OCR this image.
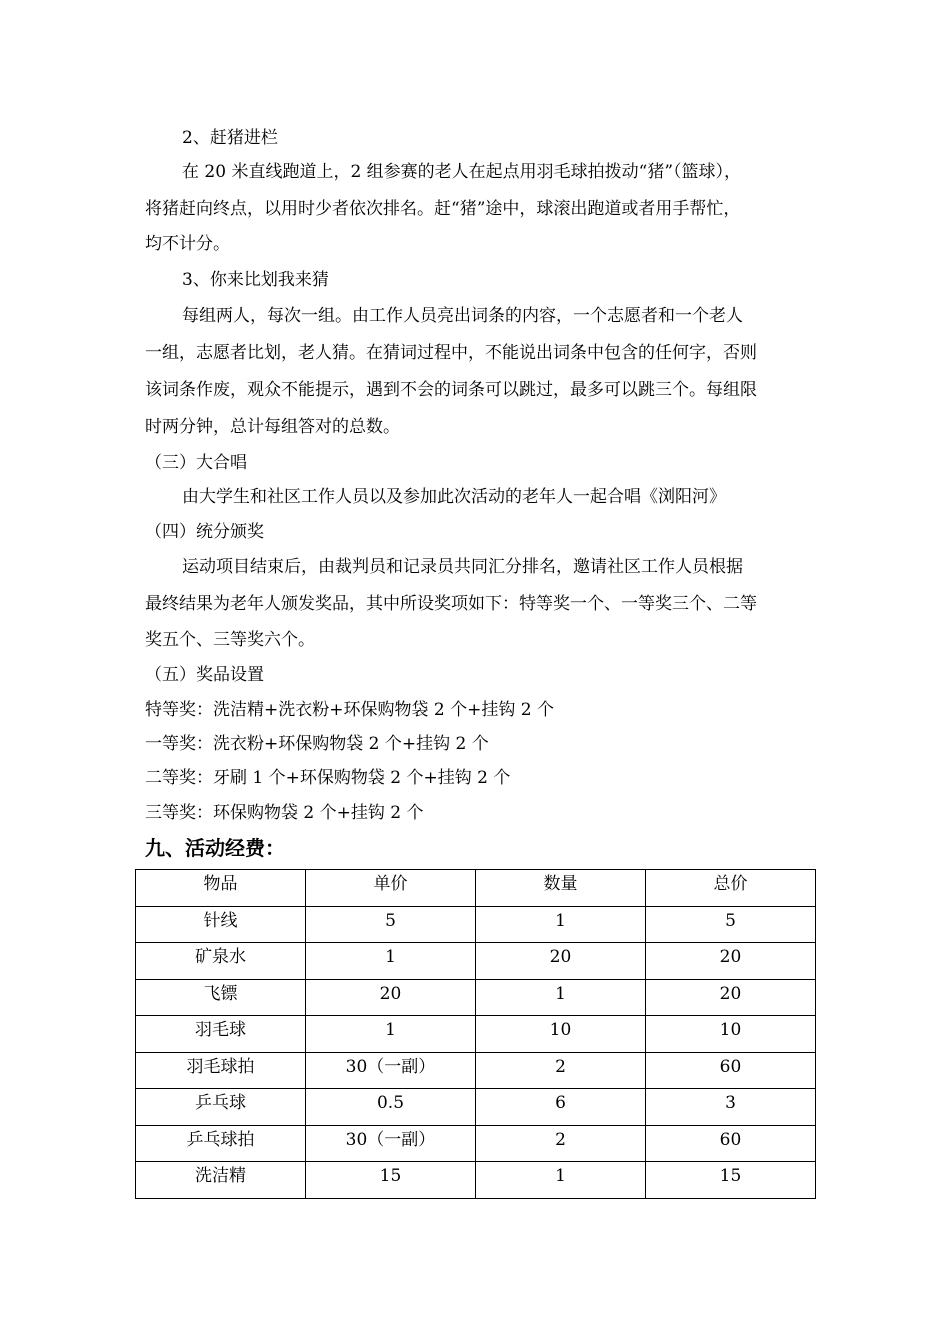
2、赶猪进栏
在 20 米直线跑道上，2 组参赛的老人在起点用羽毛球拍拨动“猪”（篮球），
将猪赶向终点，以用时少者依次排名。赶“猪”途中，球滚出跑道或者用手帮忙，
均不计分。
3、你来比划我来猜
每组两人，每次一组。由工作人员亮出词条的内容，一个志愿者和一个老人
一组，志愿者比划，老人猜。在猜词过程中，不能说出词条中包含的任何字，否则
该词条作废，观众不能提示，遇到不会的词条可以跳过，最多可以跳三个。每组限
时两分钟，总计每组答对的总数。
（三）大合唱
由大学生和社区工作人员以及参加此次活动的老年人一起合唱《浏阳河》
（四）统分颁奖
运动项目结束后，由裁判员和记录员共同汇分排名，邀请社区工作人员根据
最终结果为老年人颁发奖品，其中所设奖项如下：特等奖一个、一等奖三个、二等
奖五个、三等奖六个。
（五）奖品设置
特等奖：洗洁精+洗衣粉+环保购物袋 2 个+挂钩 2 个
一等奖：洗衣粉+环保购物袋 2 个+挂钩 2 个
二等奖：牙刷 1 个+环保购物袋 2 个+挂钩 2 个
三等奖：环保购物袋 2 个+挂钩 2 个
九、活动经费：
物品	单价	数量	总价
针线	5	1	5
矿泉水	1	20	20
飞镖	20	1	20
羽毛球	1	10	10
羽毛球拍	30（一副）	2	60
乒乓球	0.5	6	3
乒乓球拍	30（一副）	2	60
洗洁精	15	1	15
